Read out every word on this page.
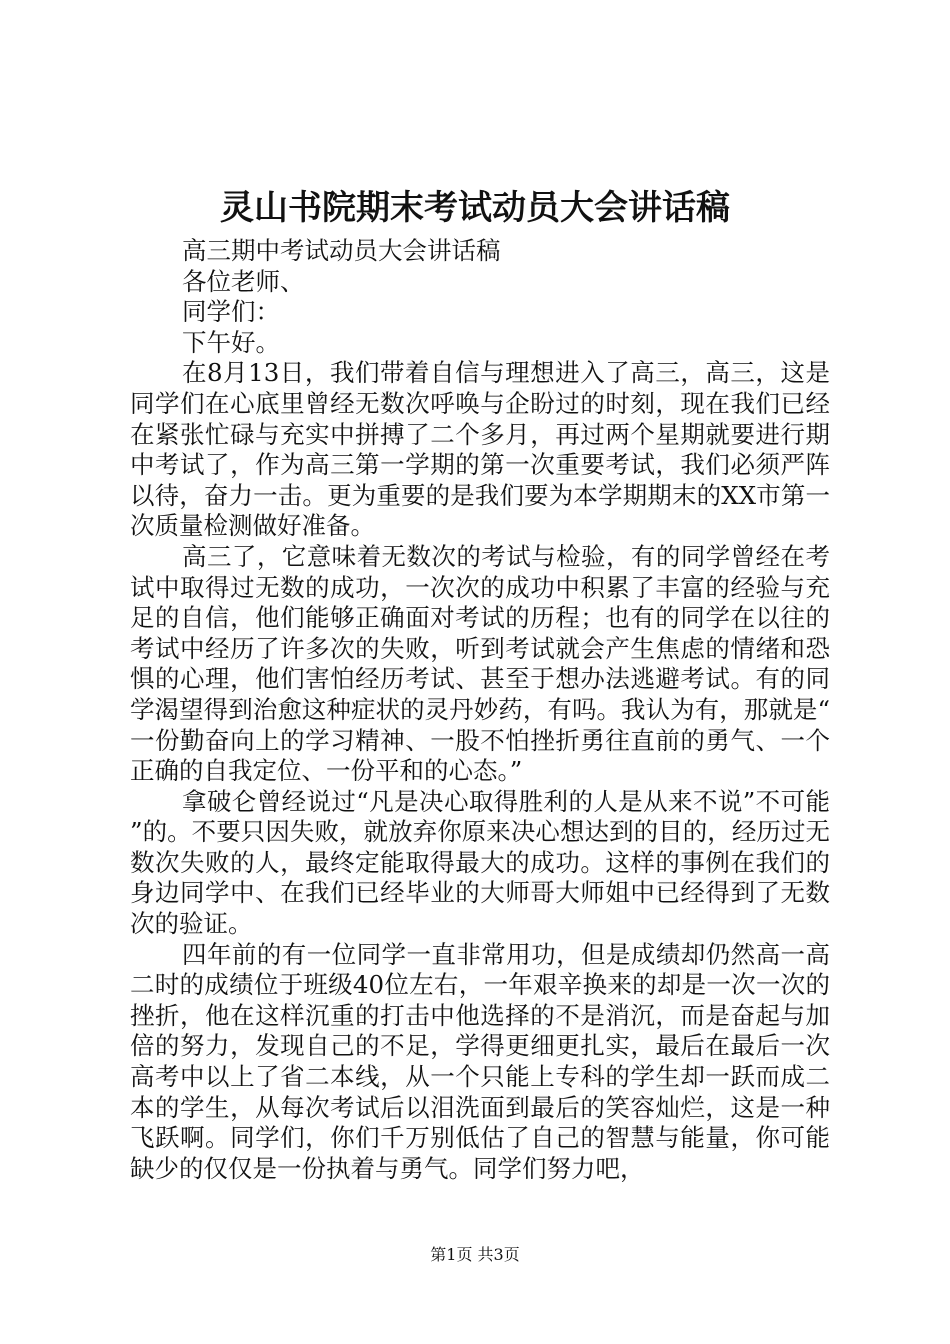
灵山书院期末考试动员大会讲话稿
高三期中考试动员大会讲话稿
各位老师、
同学们：
下午好。

在8月13日，我们带着自信与理想进入了高三，高三，这是同学们在心底里曾经无数次呼唤与企盼过的时刻，现在我们已经在紧张忙碌与充实中拼搏了二个多月，再过两个星期就要进行期中考试了，作为高三第一学期的第一次重要考试，我们必须严阵以待，奋力一击。更为重要的是我们要为本学期期末的XX市第一次质量检测做好准备。

高三了，它意味着无数次的考试与检验，有的同学曾经在考试中取得过无数的成功，一次次的成功中积累了丰富的经验与充足的自信，他们能够正确面对考试的历程；也有的同学在以往的考试中经历了许多次的失败，听到考试就会产生焦虑的情绪和恐惧的心理，他们害怕经历考试、甚至于想办法逃避考试。有的同学渴望得到治愈这种症状的灵丹妙药，有吗。我认为有，那就是“一份勤奋向上的学习精神、一股不怕挫折勇往直前的勇气、一个正确的自我定位、一份平和的心态。”

拿破仑曾经说过“凡是决心取得胜利的人是从来不说”不可能”的。不要只因失败，就放弃你原来决心想达到的目的，经历过无数次失败的人，最终定能取得最大的成功。这样的事例在我们的身边同学中、在我们已经毕业的大师哥大师姐中已经得到了无数次的验证。

四年前的有一位同学一直非常用功，但是成绩却仍然高一高二时的成绩位于班级40位左右，一年艰辛换来的却是一次一次的挫折，他在这样沉重的打击中他选择的不是消沉，而是奋起与加倍的努力，发现自己的不足，学得更细更扎实，最后在最后一次高考中以上了省二本线，从一个只能上专科的学生却一跃而成二本的学生，从每次考试后以泪洗面到最后的笑容灿烂，这是一种飞跃啊。同学们，你们千万别低估了自己的智慧与能量，你可能缺少的仅仅是一份执着与勇气。同学们努力吧，

第1页 共3页
